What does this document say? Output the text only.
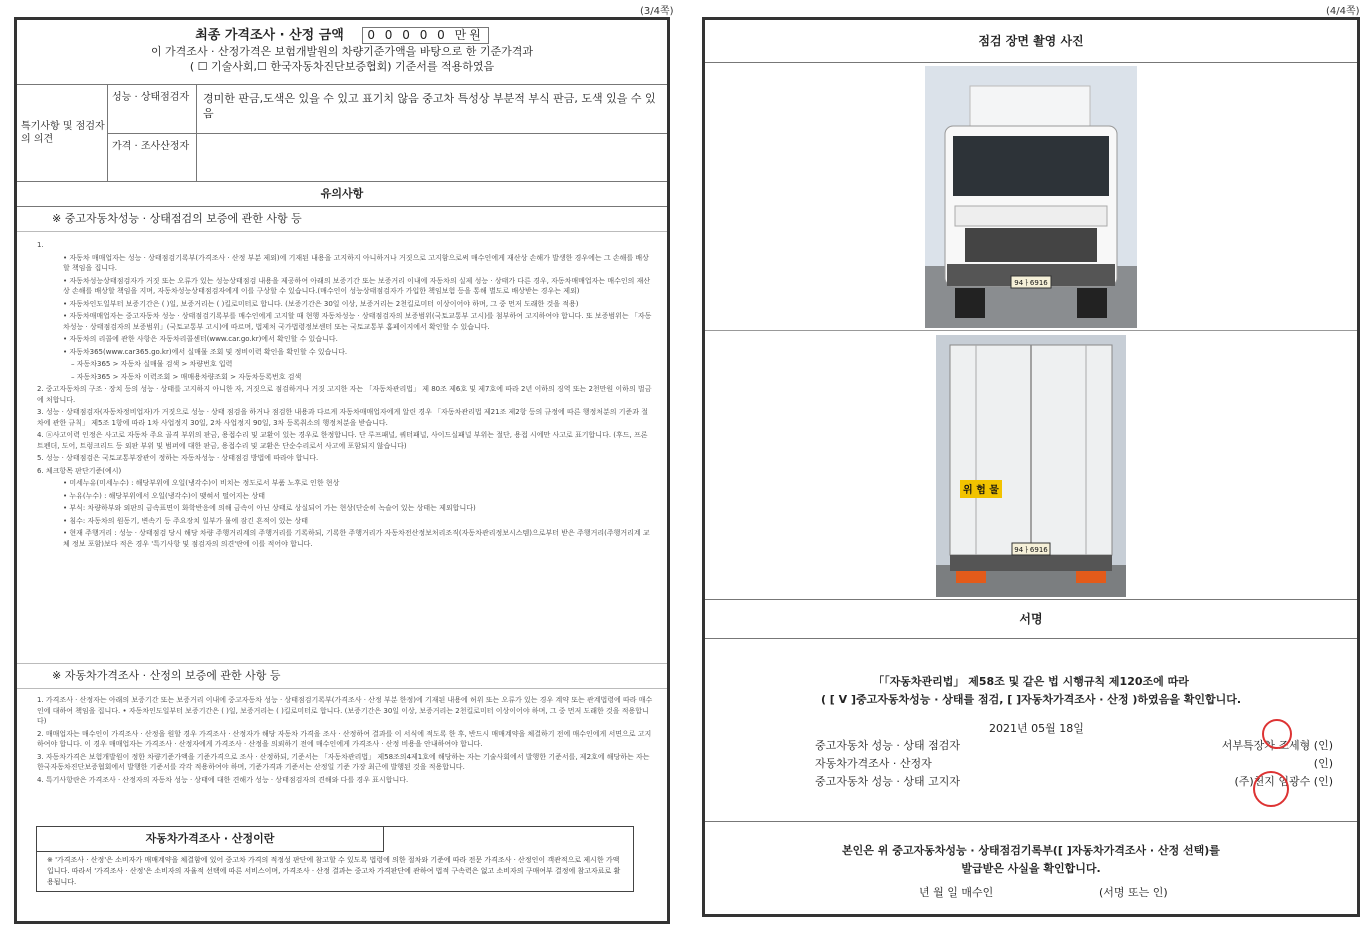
(3/4쪽)	(4/4쪽)
최종 가격조사 · 산정 금액 0 0 0 0 0 만원
이 가격조사 · 산정가격은 보험개발원의 차량기준가액을 바탕으로 한 기준가격과
( ☐ 기술사회,☐ 한국자동차진단보증협회) 기준서를 적용하였음
특기사항 및 점검자의 의견
성능 · 상태점검자	경미한 판금,도색은 있을 수 있고 표기치 않음 중고차 특성상 부분적 부식 판금, 도색 있을 수 있음
가격 · 조사산정자
유의사항
※ 중고자동차성능 · 상태점검의 보증에 관한 사항 등

1.

• 자동차 매매업자는 성능 · 상태점검기록부(가격조사 · 산정 부분 제외)에 기재된 내용을 고지하지 아니하거나 거짓으로 고지함으로써 매수인에게 재산상 손해가 발생한 경우에는 그 손해를 배상할 책임을 집니다.

• 자동차성능상태점검자가 거짓 또는 오류가 있는 성능상태점검 내용을 제공하여 아래의 보증기간 또는 보증거리 이내에 자동차의 실제 성능 · 상태가 다른 경우, 자동차매매업자는 매수인의 재산상 손해를 배상할 책임을 지며, 자동차성능상태점검자에게 이를 구상할 수 있습니다.(매수인이 성능상태점검자가 가입한 책임보험 등을 통해 별도로 배상받는 경우는 제외)

• 자동차인도일부터 보증기간은 ( )일, 보증거리는 ( )킬로미터로 합니다. (보증기간은 30일 이상, 보증거리는 2천킬로미터 이상이어야 하며, 그 중 먼저 도래한 것을 적용)

• 자동차매매업자는 중고자동차 성능 · 상태점검기록부를 매수인에게 고지할 때 현행 자동차성능 · 상태점검자의 보증범위(국토교통부 고시)를 첨부하여 고지하여야 합니다. 또 보증범위는 「자동차성능 · 상태점검자의 보증범위」(국토교통부 고시)에 따르며, 법제처 국가법령정보센터 또는 국토교통부 홈페이지에서 확인할 수 있습니다.

• 자동차의 리콜에 관한 사항은 자동차리콜센터(www.car.go.kr)에서 확인할 수 있습니다.

• 자동차365(www.car365.go.kr)에서 실매물 조회 및 정비이력 확인을 확인할 수 있습니다.

– 자동차365 > 자동차 실매물 검색 > 차량번호 입력

– 자동차365 > 자동차 이력조회 > 매매용차량조회 > 자동차등록번호 검색

2. 중고자동차의 구조 · 장치 등의 성능 · 상태를 고지하지 아니한 자, 거짓으로 점검하거나 거짓 고지한 자는 「자동차관리법」 제 80조 제6호 및 제7호에 따라 2년 이하의 징역 또는 2천만원 이하의 벌금에 처합니다.

3. 성능 · 상태점검자(자동차정비업자)가 거짓으로 성능 · 상태 점검을 하거나 점검한 내용과 다르게 자동차매매업자에게 알린 경우 「자동차관리법 제21조 제2항 등의 규정에 따른 행정처분의 기준과 절차에 관한 규칙」 제5조 1항에 따라 1차 사업정지 30일, 2차 사업정지 90일, 3차 등록취소의 행정처분을 받습니다.

4. ⓐ사고이력 인정은 사고로 자동차 주요 골격 부위의 판금, 용접수리 및 교환이 있는 경우로 한정합니다. 단 루프패널, 쿼터패널, 사이드실패널 부위는 절단, 용접 시에만 사고로 표기합니다. (후드, 프론트펜더, 도어, 트렁크리드 등 외판 부위 및 범퍼에 대한 판금, 용접수리 및 교환은 단순수리로서 사고에 포함되지 않습니다)

5. 성능 · 상태점검은 국토교통부장관이 정하는 자동차성능 · 상태점검 방법에 따라야 합니다.

6. 체크항목 판단기준(예시)

• 미세누유(미세누수) : 해당부위에 오일(냉각수)이 비치는 정도로서 부품 노후로 인한 현상

• 누유(누수) : 해당부위에서 오일(냉각수)이 맺혀서 떨어지는 상태

• 부식: 차량하부와 외판의 금속표면이 화학반응에 의해 금속이 아닌 상태로 상실되어 가는 현상(단순히 녹슬어 있는 상태는 제외합니다)

• 침수: 자동차의 원동기, 변속기 등 주요장치 일부가 물에 잠긴 흔적이 있는 상태

• 현재 주행거리 : 성능 · 상태점검 당시 해당 차량 주행거리계의 주행거리를 기록하되, 기록한 주행거리가 자동차전산정보처리조직(자동차관리정보시스템)으로부터 받은 주행거리(주행거리계 교체 정보 포함)보다 적은 경우 '특기사항 및 점검자의 의견'란에 이를 적어야 합니다.

※ 자동차가격조사 · 산정의 보증에 관한 사항 등

1. 가격조사 · 산정자는 아래의 보증기간 또는 보증거리 이내에 중고자동차 성능 · 상태점검기록부(가격조사 · 산정 부분 한정)에 기재된 내용에 허위 또는 오류가 있는 경우 계약 또는 관계법령에 따라 매수인에 대하여 책임을 집니다. • 자동차인도일부터 보증기간은 ( )일, 보증거리는 ( )킬로미터로 합니다. (보증기간은 30일 이상, 보증거리는 2천킬로미터 이상이어야 하며, 그 중 먼저 도래한 것을 적용합니다)

2. 매매업자는 매수인이 가격조사 · 산정을 원할 경우 가격조사 · 산정자가 해당 자동차 가격을 조사 · 산정하여 결과를 이 서식에 적도록 한 후, 반드시 매매계약을 체결하기 전에 매수인에게 서면으로 고지하여야 합니다. 이 경우 매매업자는 가격조사 · 산정자에게 가격조사 · 산정을 의뢰하기 전에 매수인에게 가격조사 · 산정 비용을 안내하여야 합니다.

3. 자동차가격은 보험개발원이 정한 차량기준가액을 기준가격으로 조사 · 산정하되, 기준서는 「자동차관리법」 제58조의4제1호에 해당하는 자는 기술사회에서 발행한 기준서를, 제2호에 해당하는 자는 한국자동차진단보증협회에서 발행한 기준서를 각각 적용하여야 하며, 기준가격과 기준서는 산정일 기준 가장 최근에 발행된 것을 적용합니다.

4. 특기사항란은 가격조사 · 산정자의 자동차 성능 · 상태에 대한 견해가 성능 · 상태점검자의 견해와 다를 경우 표시합니다.

자동차가격조사 · 산정이란
※ '가격조사 · 산정'은 소비자가 매매계약을 체결함에 있어 중고차 가격의 적정성 판단에 참고할 수 있도록 법령에 의한 절차와 기준에 따라 전문 가격조사 · 산정인이 객관적으로 제시한 가액입니다. 따라서 '가격조사 · 산정'은 소비자의 자율적 선택에 따른 서비스이며, 가격조사 · 산정 결과는 중고차 가격판단에 관하여 법적 구속력은 없고 소비자의 구매여부 결정에 참고자료로 활용됩니다.
점검 장면 촬영 사진
94ㅏ6916
위 험 물
94ㅏ6916
서명
「「자동차관리법」 제58조 및 같은 법 시행규칙 제120조에 따라
( [ V ]중고자동차성능 · 상태를 점검, [ ]자동차가격조사 · 산정 )하였음을 확인합니다.
2021년 05월 18일
중고자동차 성능 · 상태 점검자	서부특장차 조세형 (인)
자동차가격조사 · 산정자	(인)
중고자동차 성능 · 상태 고지자	(주)천지 임광수 (인)
본인은 위 중고자동차성능 · 상태점검기록부([ ]자동차가격조사 · 산정 선택)를
발급받은 사실을 확인합니다.
년 월 일 매수인	(서명 또는 인)
